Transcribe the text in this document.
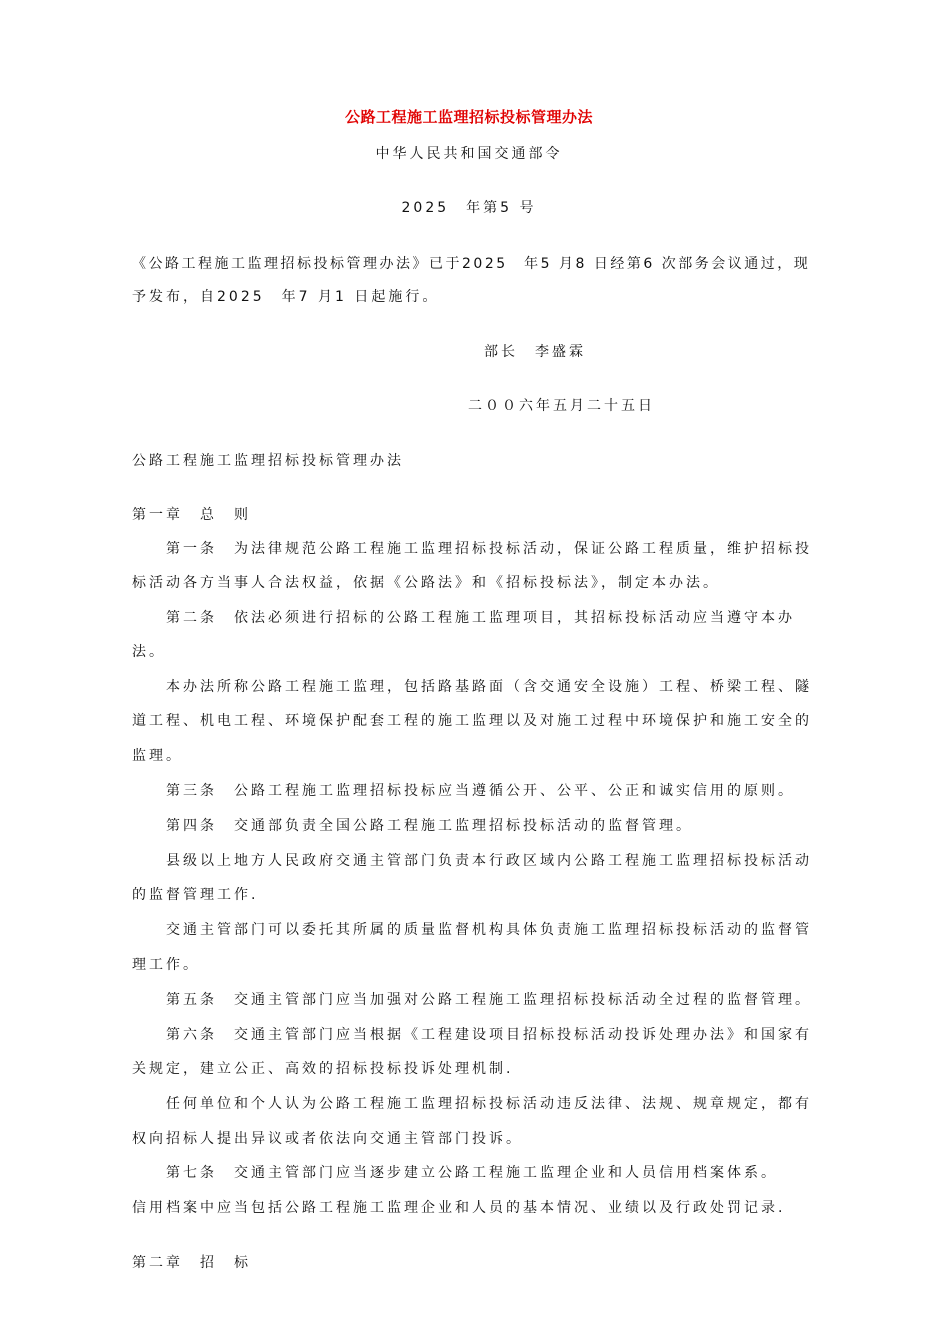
公路工程施工监理招标投标管理办法
中华人民共和国交通部令
2025　年第5 号
《公路工程施工监理招标投标管理办法》已于2025　年5 月8 日经第6 次部务会议通过，现
予发布，自2025　年7 月1 日起施行。
部长　李盛霖
二００六年五月二十五日
公路工程施工监理招标投标管理办法
第一章　总　则
第一条　为法律规范公路工程施工监理招标投标活动，保证公路工程质量，维护招标投
标活动各方当事人合法权益，依据《公路法》和《招标投标法》，制定本办法。
第二条　依法必须进行招标的公路工程施工监理项目，其招标投标活动应当遵守本办
法。
本办法所称公路工程施工监理，包括路基路面（含交通安全设施）工程、桥梁工程、隧
道工程、机电工程、环境保护配套工程的施工监理以及对施工过程中环境保护和施工安全的
监理。
第三条　公路工程施工监理招标投标应当遵循公开、公平、公正和诚实信用的原则。
第四条　交通部负责全国公路工程施工监理招标投标活动的监督管理。
县级以上地方人民政府交通主管部门负责本行政区域内公路工程施工监理招标投标活动
的监督管理工作.
交通主管部门可以委托其所属的质量监督机构具体负责施工监理招标投标活动的监督管
理工作。
第五条　交通主管部门应当加强对公路工程施工监理招标投标活动全过程的监督管理。
第六条　交通主管部门应当根据《工程建设项目招标投标活动投诉处理办法》和国家有
关规定，建立公正、高效的招标投标投诉处理机制.
任何单位和个人认为公路工程施工监理招标投标活动违反法律、法规、规章规定，都有
权向招标人提出异议或者依法向交通主管部门投诉。
第七条　交通主管部门应当逐步建立公路工程施工监理企业和人员信用档案体系。
信用档案中应当包括公路工程施工监理企业和人员的基本情况、业绩以及行政处罚记录.
第二章　招　标
